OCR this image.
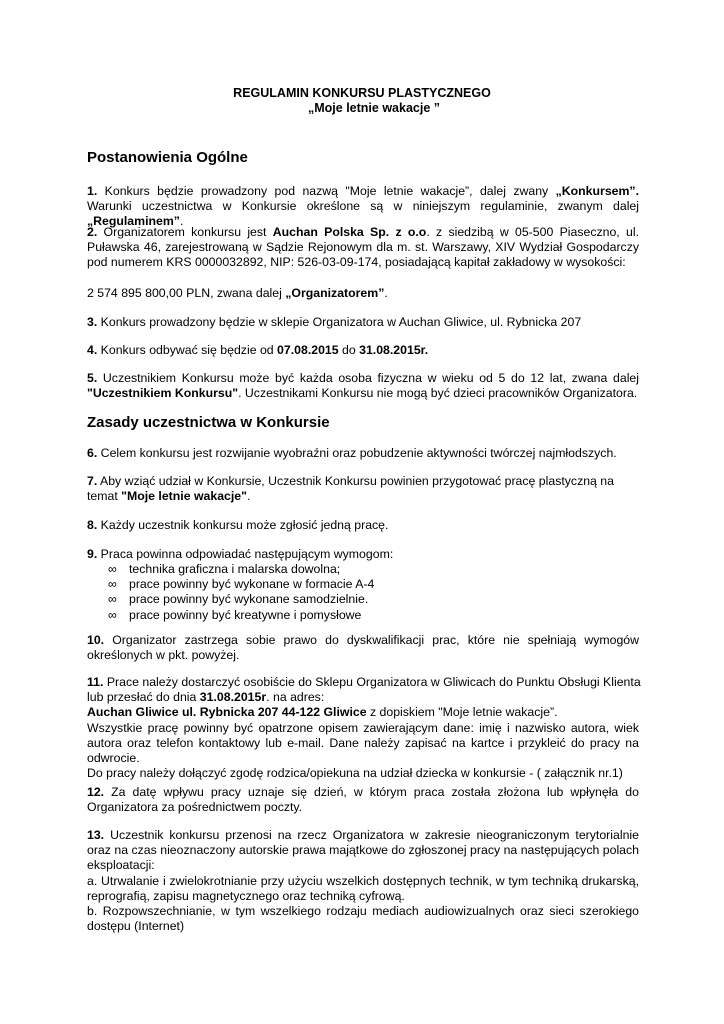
REGULAMIN KONKURSU PLASTYCZNEGO
„Moje letnie wakacje ”
Postanowienia Ogólne
1. Konkurs będzie prowadzony pod nazwą "Moje letnie wakacje”, dalej zwany „Konkursem”. Warunki uczestnictwa w Konkursie określone są w niniejszym regulaminie, zwanym dalej „Regulaminem”.
2. Organizatorem konkursu jest Auchan Polska Sp. z o.o. z siedzibą w 05-500 Piaseczno, ul. Puławska 46, zarejestrowaną w Sądzie Rejonowym dla m. st. Warszawy, XIV Wydział Gospodarczy pod numerem KRS 0000032892, NIP: 526-03-09-174, posiadającą kapitał zakładowy w wysokości:
2 574 895 800,00 PLN, zwana dalej „Organizatorem”.
3. Konkurs prowadzony będzie w sklepie Organizatora w Auchan Gliwice, ul. Rybnicka 207
4. Konkurs odbywać się będzie od 07.08.2015 do 31.08.2015r.
5. Uczestnikiem Konkursu może być każda osoba fizyczna w wieku od 5 do 12 lat, zwana dalej "Uczestnikiem Konkursu". Uczestnikami Konkursu nie mogą być dzieci pracowników Organizatora.
Zasady uczestnictwa w Konkursie
6. Celem konkursu jest rozwijanie wyobraźni oraz pobudzenie aktywności twórczej najmłodszych.
7. Aby wziąć udział w Konkursie, Uczestnik Konkursu powinien przygotować pracę plastyczną na
temat "Moje letnie wakacje".
8. Każdy uczestnik konkursu może zgłosić jedną pracę.
9. Praca powinna odpowiadać następującym wymogom:
∞ technika graficzna i malarska dowolna;
∞ prace powinny być wykonane w formacie A-4
∞ prace powinny być wykonane samodzielnie.
∞ prace powinny być kreatywne i pomysłowe
10. Organizator zastrzega sobie prawo do dyskwalifikacji prac, które nie spełniają wymogów określonych w pkt. powyżej.
11. Prace należy dostarczyć osobiście do Sklepu Organizatora w Gliwicach do Punktu Obsługi Klienta
lub przesłać do dnia 31.08.2015r. na adres:
Auchan Gliwice ul. Rybnicka 207 44-122 Gliwice z dopiskiem "Moje letnie wakacje”.
Wszystkie pracę powinny być opatrzone opisem zawierającym dane: imię i nazwisko autora, wiek autora oraz telefon kontaktowy lub e-mail. Dane należy zapisać na kartce i przykleić do pracy na odwrocie.
Do pracy należy dołączyć zgodę rodzica/opiekuna na udział dziecka w konkursie - ( załącznik nr.1)
12. Za datę wpływu pracy uznaje się dzień, w którym praca została złożona lub wpłynęła do Organizatora za pośrednictwem poczty.
13. Uczestnik konkursu przenosi na rzecz Organizatora w zakresie nieograniczonym terytorialnie oraz na czas nieoznaczony autorskie prawa majątkowe do zgłoszonej pracy na następujących polach eksploatacji:
a. Utrwalanie i zwielokrotnianie przy użyciu wszelkich dostępnych technik, w tym techniką drukarską, reprografią, zapisu magnetycznego oraz techniką cyfrową.
b. Rozpowszechnianie, w tym wszelkiego rodzaju mediach audiowizualnych oraz sieci szerokiego dostępu (Internet)
